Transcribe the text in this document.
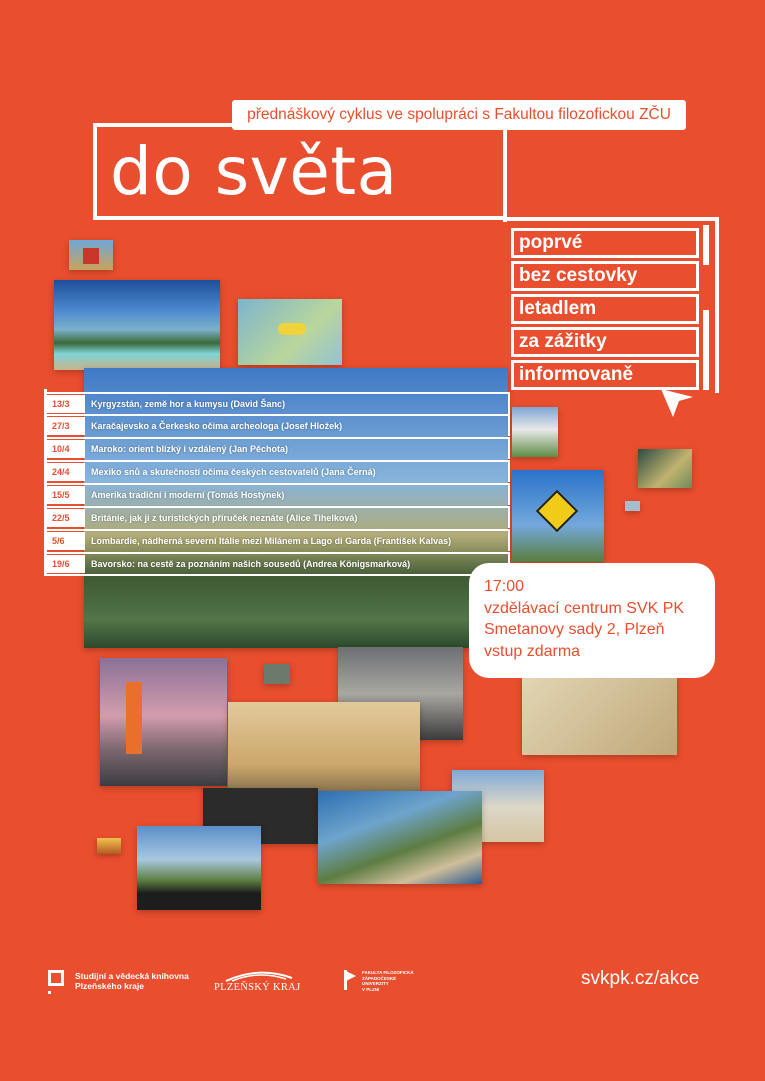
přednáškový cyklus ve spolupráci s Fakultou filozofickou ZČU
do světa
poprvé
bez cestovky
letadlem
za zážitky
informovaně
13/3	Kyrgyzstán, země hor a kumysu (David Šanc)
27/3	Karačajevsko a Čerkesko očima archeologa (Josef Hložek)
10/4	Maroko: orient blízký i vzdálený (Jan Pěchota)
24/4	Mexiko snů a skutečností očima českých cestovatelů (Jana Černá)
15/5	Amerika tradiční i moderní (Tomáš Hostýnek)
22/5	Británie, jak ji z turistických příruček neznáte (Alice Tihelková)
5/6	Lombardie, nádherná severní Itálie mezi Milánem a Lago di Garda (František Kalvas)
19/6	Bavorsko: na cestě za poznáním našich sousedů (Andrea Königsmarková)
17:00
vzdělávací centrum SVK PK
Smetanovy sady 2, Plzeň
vstup zdarma
Studijní a vědecká knihovna
Plzeňského kraje	PLZEŇSKÝ KRAJ
FAKULTA FILOZOFICKÁ
ZÁPADOČESKÉ
UNIVERZITY
V PLZNI	svkpk.cz/akce
